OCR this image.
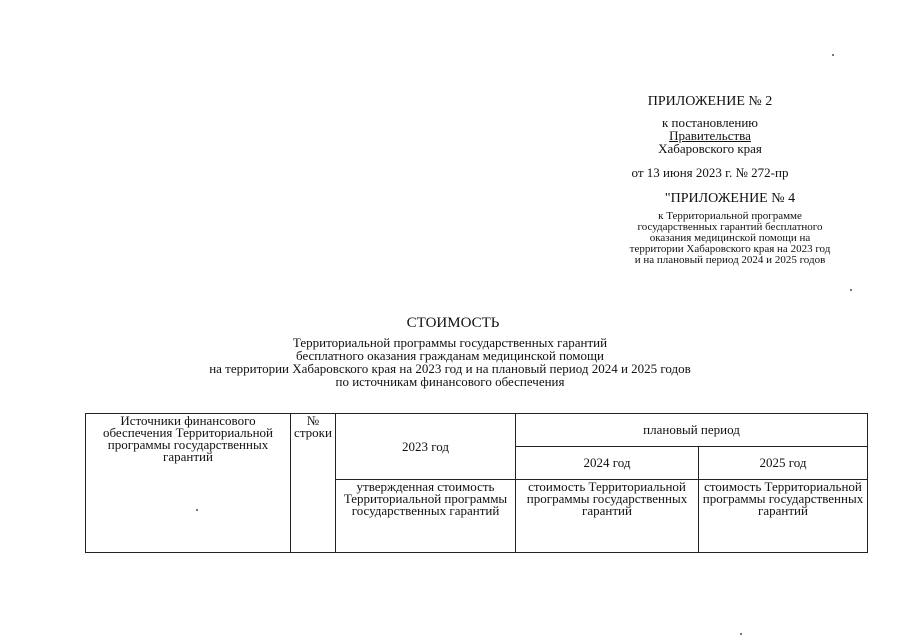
ПРИЛОЖЕНИЕ № 2
к постановлению
Правительства
Хабаровского края
от 13 июня 2023 г. № 272-пр
"ПРИЛОЖЕНИЕ № 4
к Территориальной программе
государственных гарантий бесплатного
оказания медицинской помощи на
территории Хабаровского края на 2023 год
и на плановый период 2024 и 2025 годов
СТОИМОСТЬ
Территориальной программы государственных гарантий
бесплатного оказания гражданам медицинской помощи
на территории Хабаровского края на 2023 год и на плановый период 2024 и 2025 годов
по источникам финансового обеспечения
Источники финансового обеспечения Территориальной программы государственных гарантий	№ строки	2023 год	плановый период	
			2024 год	2025 год
		утвержденная стоимость Территориальной программы государственных гарантий	стоимость Территориальной программы государственных гарантий	стоимость Территориальной программы государственных гарантий
